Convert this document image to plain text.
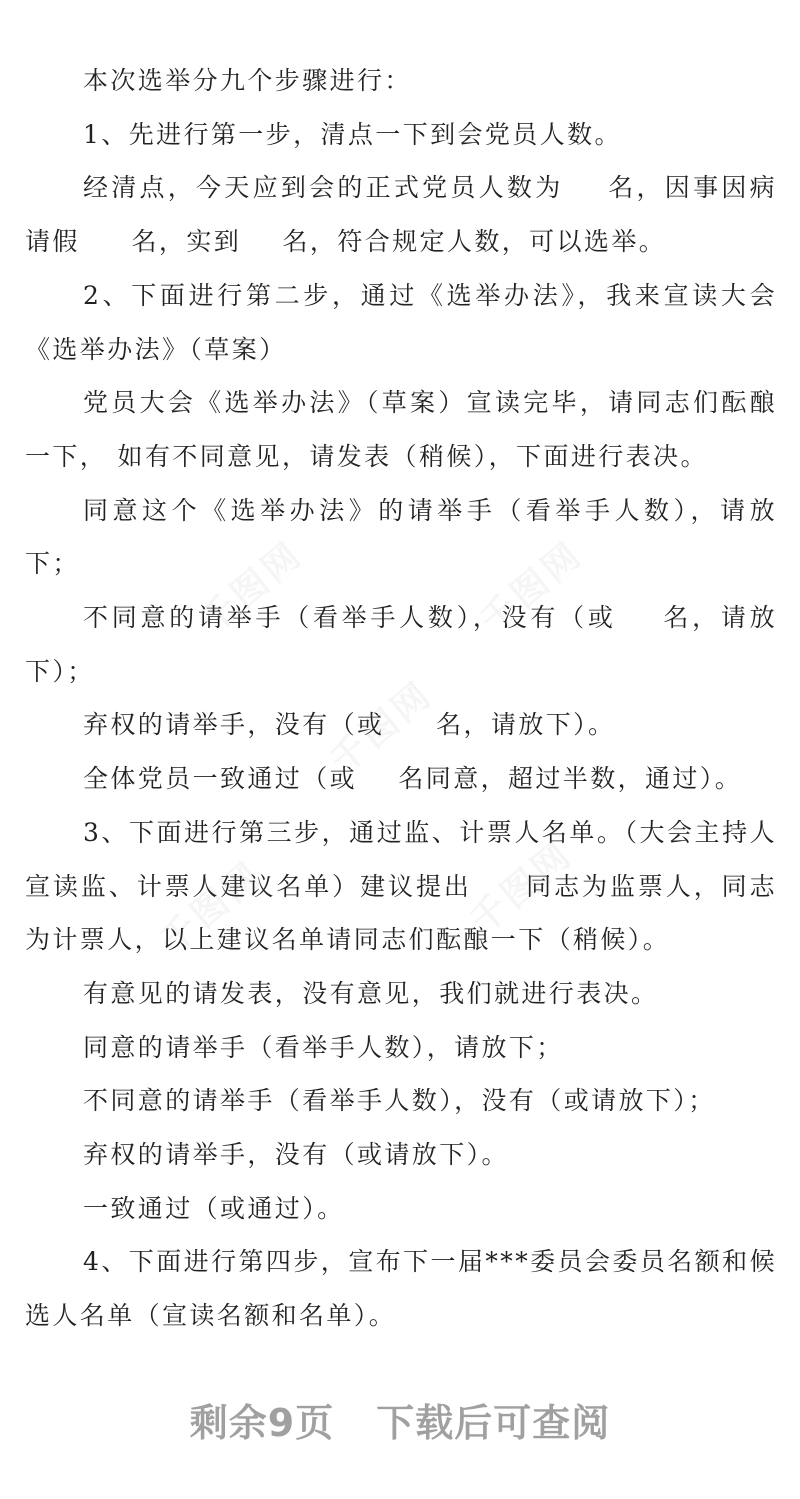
本次选举分九个步骤进行：

1、先进行第一步，清点一下到会党员人数。

经清点，今天应到会的正式党员人数为    名，因事因病请假     名，实到    名，符合规定人数，可以选举。

2、下面进行第二步，通过《选举办法》，我来宣读大会《选举办法》（草案）

党员大会《选举办法》（草案）宣读完毕，请同志们酝酿一下， 如有不同意见，请发表（稍候），下面进行表决。

同意这个《选举办法》的请举手（看举手人数），请放下；

不同意的请举手（看举手人数），没有（或    名，请放下）；

弃权的请举手，没有（或     名，请放下）。

全体党员一致通过（或    名同意，超过半数，通过）。

3、下面进行第三步，通过监、计票人名单。（大会主持人宣读监、计票人建议名单）建议提出     同志为监票人，同志为计票人，以上建议名单请同志们酝酿一下（稍候）。

有意见的请发表，没有意见，我们就进行表决。

同意的请举手（看举手人数），请放下；

不同意的请举手（看举手人数），没有（或请放下）；

弃权的请举手，没有（或请放下）。

一致通过（或通过）。

4、下面进行第四步，宣布下一届***委员会委员名额和候选人名单（宣读名额和名单）。

千图网	千图网
千图网
千图网
千图网
剩余9页 下载后可查阅
